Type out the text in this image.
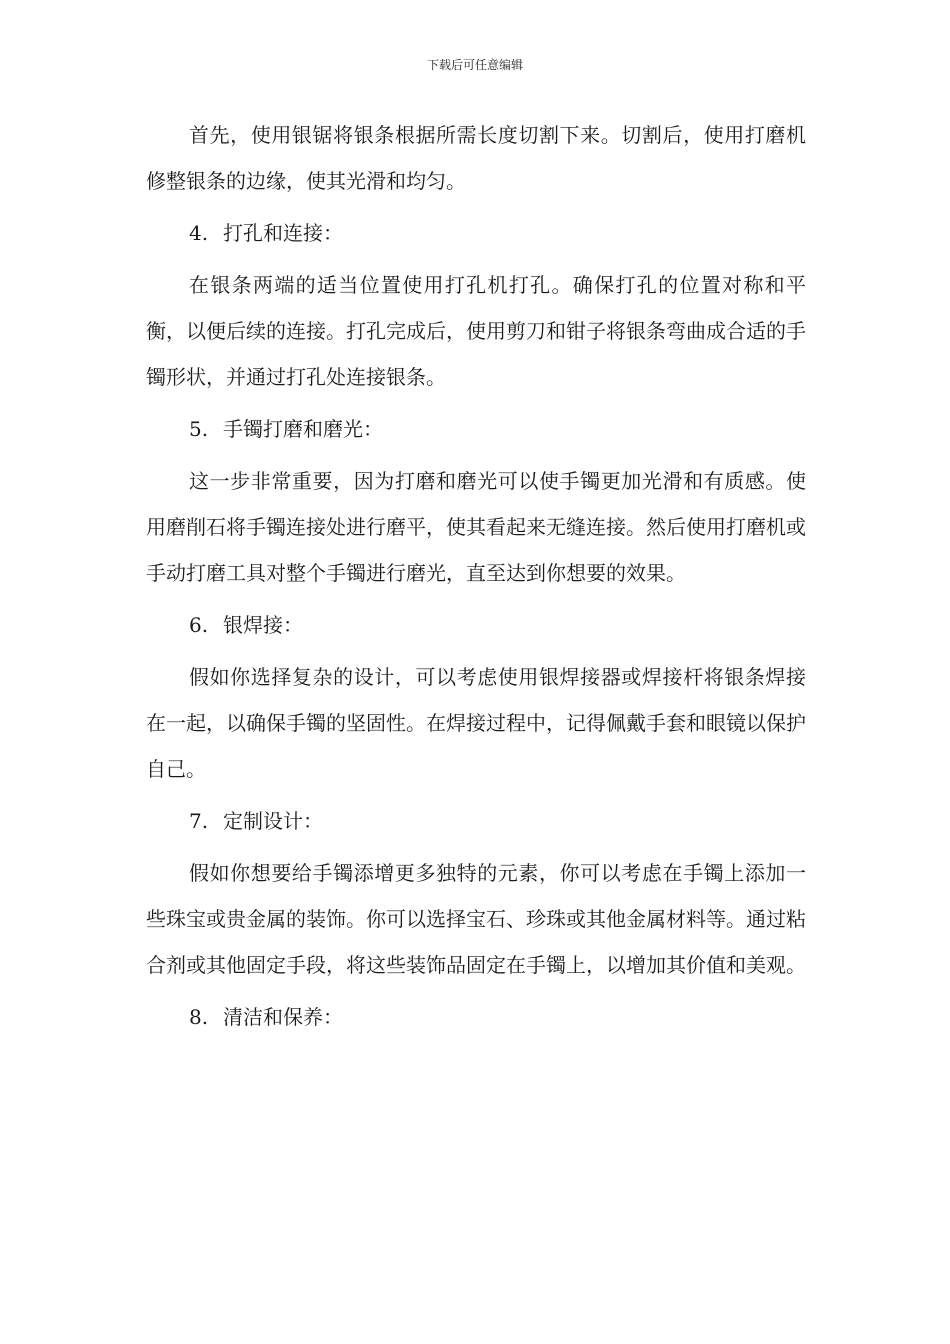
下载后可任意编辑

首先，使用银锯将银条根据所需长度切割下来。切割后，使用打磨机修整银条的边缘，使其光滑和均匀。

4. 打孔和连接：

在银条两端的适当位置使用打孔机打孔。确保打孔的位置对称和平衡，以便后续的连接。打孔完成后，使用剪刀和钳子将银条弯曲成合适的手镯形状，并通过打孔处连接银条。

5. 手镯打磨和磨光：

这一步非常重要，因为打磨和磨光可以使手镯更加光滑和有质感。使用磨削石将手镯连接处进行磨平，使其看起来无缝连接。然后使用打磨机或手动打磨工具对整个手镯进行磨光，直至达到你想要的效果。

6. 银焊接：

假如你选择复杂的设计，可以考虑使用银焊接器或焊接杆将银条焊接在一起，以确保手镯的坚固性。在焊接过程中，记得佩戴手套和眼镜以保护自己。

7. 定制设计：

假如你想要给手镯添增更多独特的元素，你可以考虑在手镯上添加一些珠宝或贵金属的装饰。你可以选择宝石、珍珠或其他金属材料等。通过粘合剂或其他固定手段，将这些装饰品固定在手镯上，以增加其价值和美观。

8. 清洁和保养：
